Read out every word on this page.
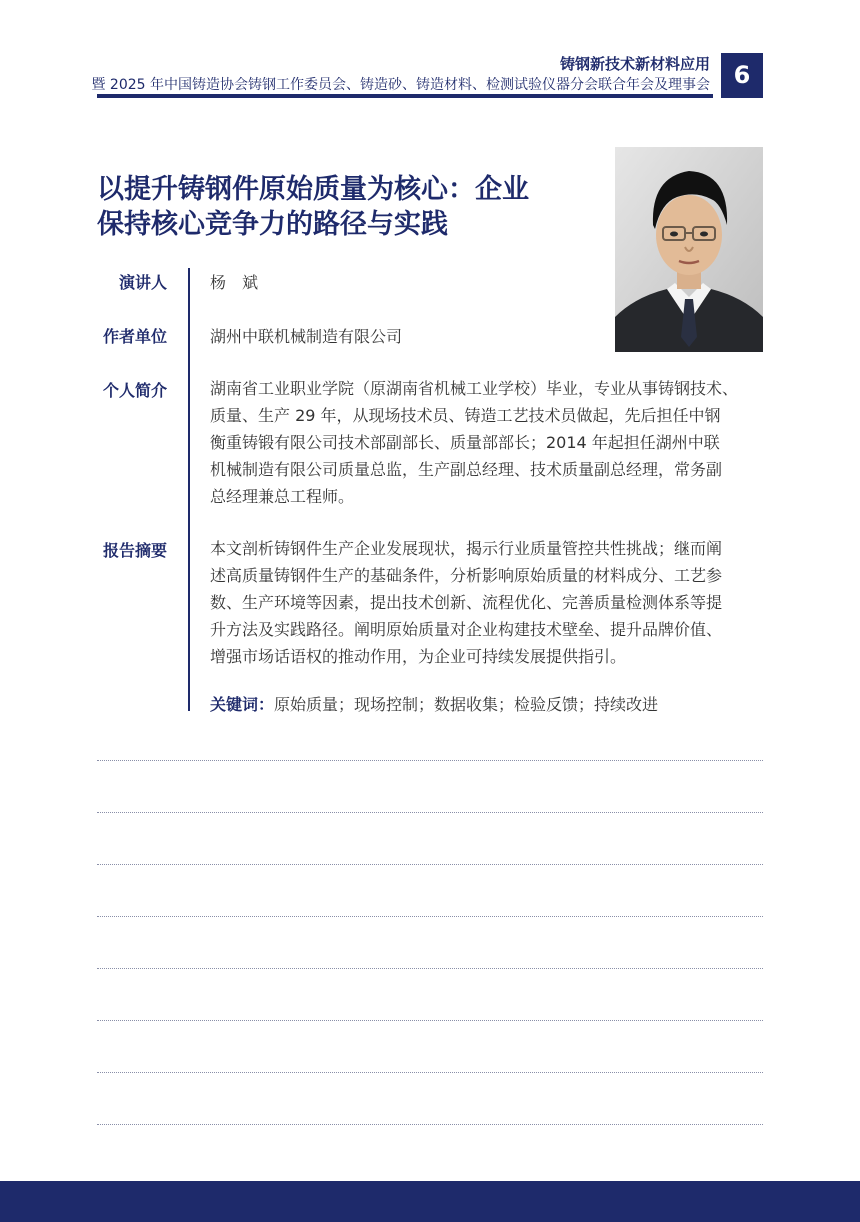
铸钢新技术新材料应用
暨 2025 年中国铸造协会铸钢工作委员会、铸造砂、铸造材料、检测试验仪器分会联合年会及理事会 6
以提升铸钢件原始质量为核心：企业
保持核心竞争力的路径与实践
演讲人	杨　斌
作者单位	湖州中联机械制造有限公司
个人简介	湖南省工业职业学院（原湖南省机械工业学校）毕业，专业从事铸钢技术、
质量、生产 29 年，从现场技术员、铸造工艺技术员做起，先后担任中钢
衡重铸锻有限公司技术部副部长、质量部部长；2014 年起担任湖州中联
机械制造有限公司质量总监，生产副总经理、技术质量副总经理，常务副
总经理兼总工程师。
报告摘要	本文剖析铸钢件生产企业发展现状，揭示行业质量管控共性挑战；继而阐
述高质量铸钢件生产的基础条件，分析影响原始质量的材料成分、工艺参
数、生产环境等因素，提出技术创新、流程优化、完善质量检测体系等提
升方法及实践路径。阐明原始质量对企业构建技术壁垒、提升品牌价值、
增强市场话语权的推动作用，为企业可持续发展提供指引。
关键词：原始质量；现场控制；数据收集；检验反馈；持续改进
